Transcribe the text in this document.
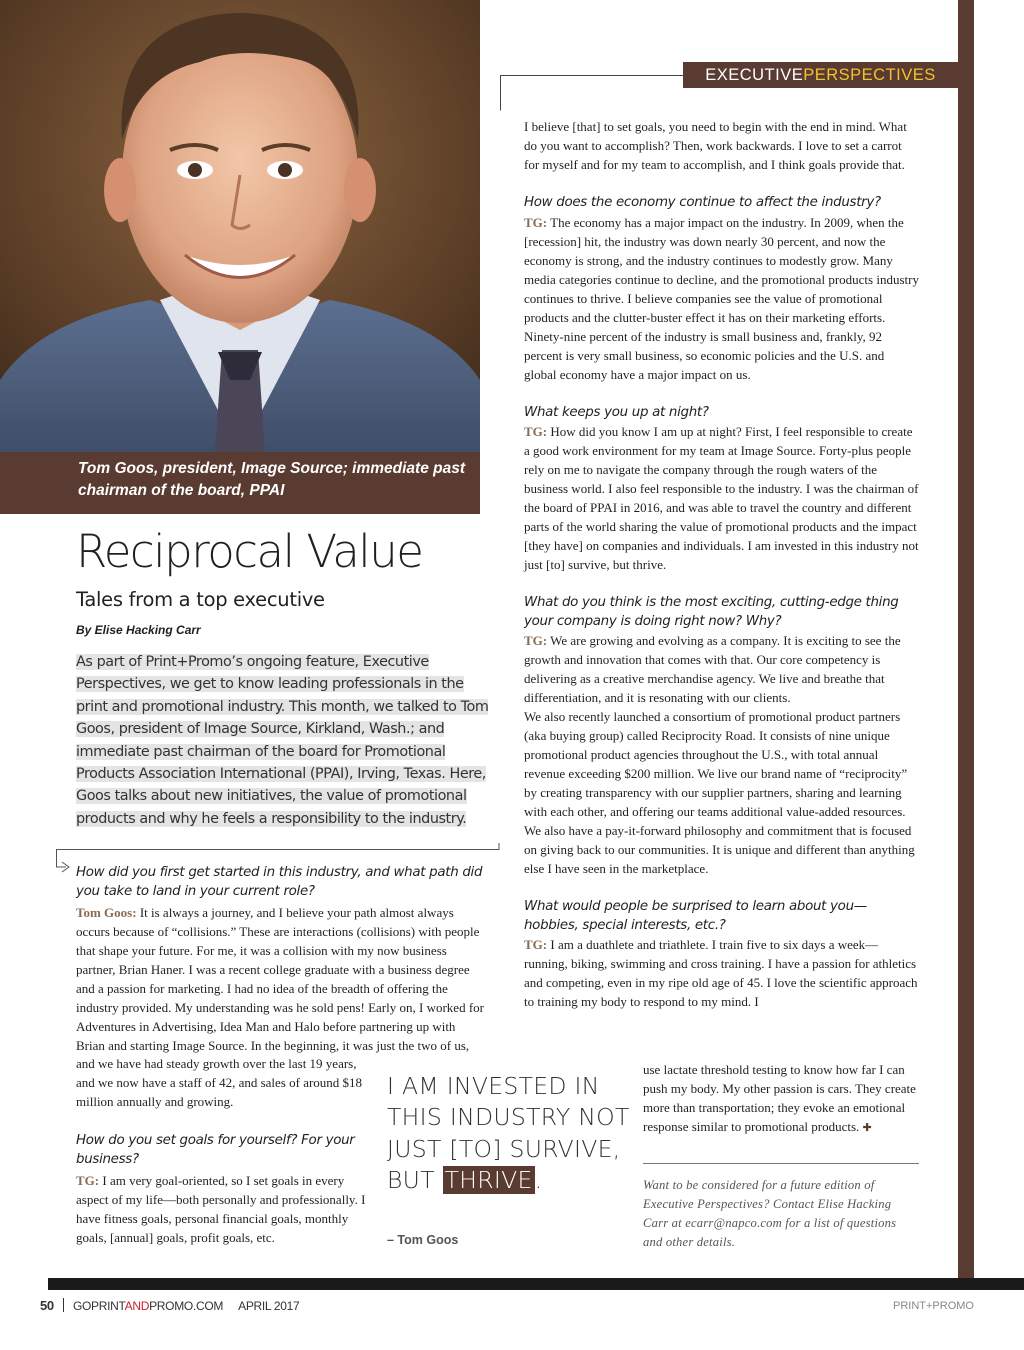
Tom Goos, president, Image Source; immediate past chairman of the board, PPAI
EXECUTIVEPERSPECTIVES
Reciprocal Value
Tales from a top executive
By Elise Hacking Carr
As part of Print+Promo’s ongoing feature, Executive Perspectives, we get to know leading professionals in the print and promotional industry. This month, we talked to Tom Goos, president of Image Source, Kirkland, Wash.; and immediate past chairman of the board for Promotional Products Association International (PPAI), Irving, Texas. Here, Goos talks about new initiatives, the value of promotional products and why he feels a responsibility to the industry.

How did you first get started in this industry, and what path did you take to land in your current role?

Tom Goos: It is always a journey, and I believe your path almost always occurs because of “collisions.” These are interactions (collisions) with people that shape your future. For me, it was a collision with my now business partner, Brian Haner. I was a recent college graduate with a business degree and a passion for marketing. I had no idea of the breadth of offering the industry provided. My understanding was he sold pens! Early on, I worked for Adventures in Advertising, Idea Man and Halo before partnering up with Brian and starting Image Source. In the beginning, it was just the two of us,

and we have had steady growth over the last 19 years, and we now have a staff of 42, and sales of around $18 million annually and growing.

How do you set goals for yourself? For your business?

TG: I am very goal-oriented, so I set goals in every aspect of my life—both personally and professionally. I have fitness goals, personal financial goals, monthly goals, [annual] goals, profit goals, etc.

I AM INVESTED IN THIS INDUSTRY NOT JUST [TO] SURVIVE, BUT THRIVE.
– Tom Goos

I believe [that] to set goals, you need to begin with the end in mind. What do you want to accomplish? Then, work backwards. I love to set a carrot for myself and for my team to accomplish, and I think goals provide that.

How does the economy continue to affect the industry?

TG: The economy has a major impact on the industry. In 2009, when the [recession] hit, the industry was down nearly 30 percent, and now the economy is strong, and the industry continues to modestly grow. Many media categories continue to decline, and the promotional products industry continues to thrive. I believe companies see the value of promotional products and the clutter-buster effect it has on their marketing efforts. Ninety-nine percent of the industry is small business and, frankly, 92 percent is very small business, so economic policies and the U.S. and global economy have a major impact on us.

What keeps you up at night?

TG: How did you know I am up at night? First, I feel responsible to create a good work environment for my team at Image Source. Forty-plus people rely on me to navigate the company through the rough waters of the business world. I also feel responsible to the industry. I was the chairman of the board of PPAI in 2016, and was able to travel the country and different parts of the world sharing the value of promotional products and the impact [they have] on companies and individuals. I am invested in this industry not just [to] survive, but thrive.

What do you think is the most exciting, cutting-edge thing your company is doing right now? Why?

TG: We are growing and evolving as a company. It is exciting to see the growth and innovation that comes with that. Our core competency is delivering as a creative merchandise agency. We live and breathe that differentiation, and it is resonating with our clients.

We also recently launched a consortium of promotional product partners (aka buying group) called Reciprocity Road. It consists of nine unique promotional product agencies throughout the U.S., with total annual revenue exceeding $200 million. We live our brand name of “reciprocity” by creating transparency with our supplier partners, sharing and learning with each other, and offering our teams additional value-added resources. We also have a pay-it-forward philosophy and commitment that is focused on giving back to our communities. It is unique and different than anything else I have seen in the marketplace.

What would people be surprised to learn about you—hobbies, special interests, etc.?

TG: I am a duathlete and triathlete. I train five to six days a week—running, biking, swimming and cross training. I have a passion for athletics and competing, even in my ripe old age of 45. I love the scientific approach to training my body to respond to my mind. I

use lactate threshold testing to know how far I can push my body. My other passion is cars. They create more than transportation; they evoke an emotional response similar to promotional products. ✚
Want to be considered for a future edition of Executive Perspectives? Contact Elise Hacking Carr at ecarr@napco.com for a list of questions and other details.
50 GOPRINTANDPROMO.COM APRIL 2017	PRINT+PROMO
